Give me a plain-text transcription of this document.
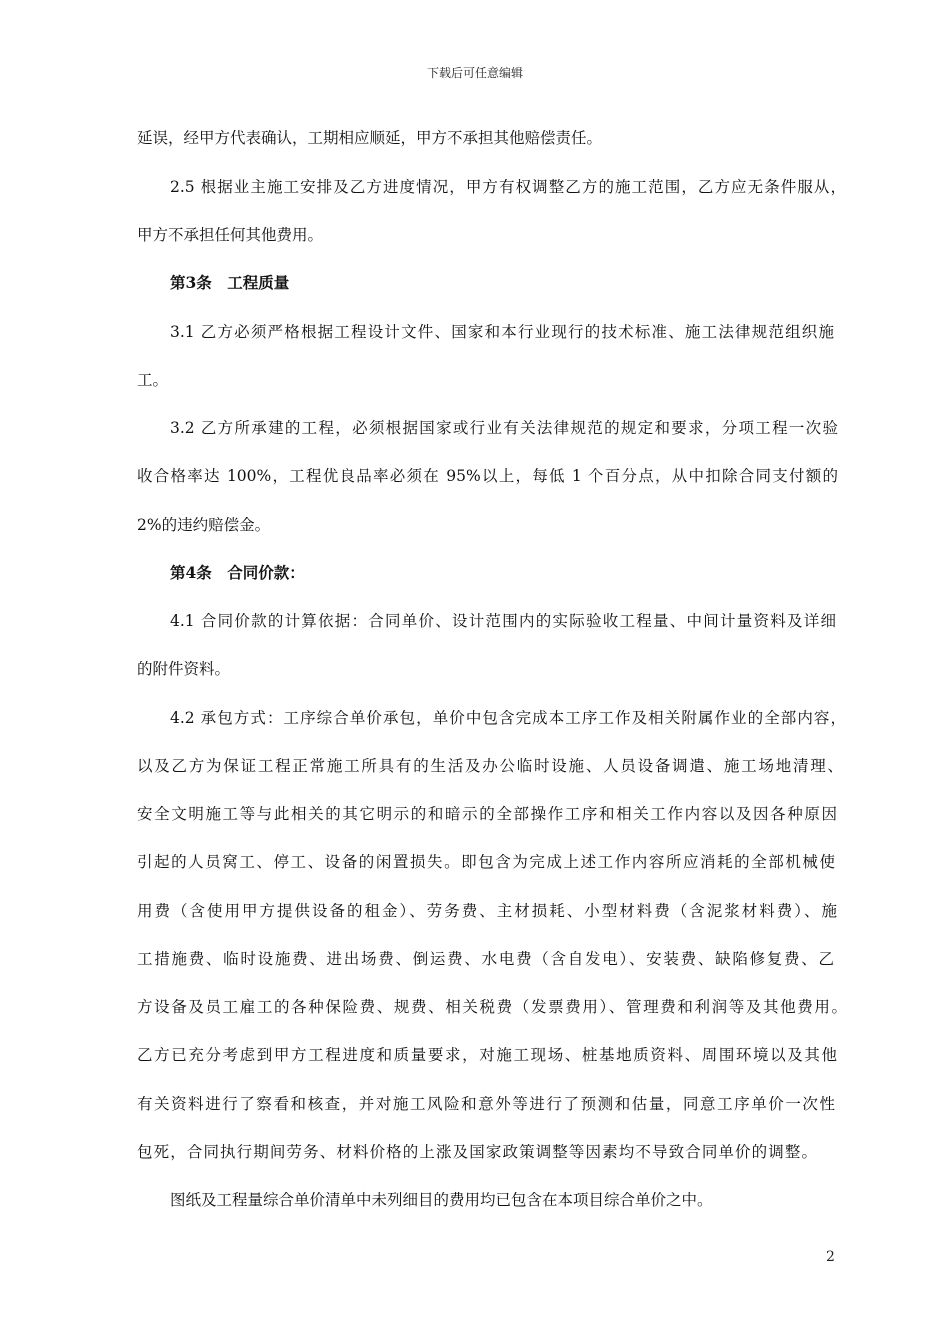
下载后可任意编辑
延误，经甲方代表确认，工期相应顺延，甲方不承担其他赔偿责任。
2.5 根据业主施工安排及乙方进度情况，甲方有权调整乙方的施工范围，乙方应无条件服从，
甲方不承担任何其他费用。
第3条　工程质量
3.1 乙方必须严格根据工程设计文件、国家和本行业现行的技术标准、施工法律规范组织施
工。
3.2 乙方所承建的工程，必须根据国家或行业有关法律规范的规定和要求，分项工程一次验
收合格率达 100%，工程优良品率必须在 95%以上，每低 1 个百分点，从中扣除合同支付额的
2%的违约赔偿金。
第4条　合同价款：
4.1 合同价款的计算依据：合同单价、设计范围内的实际验收工程量、中间计量资料及详细
的附件资料。
4.2 承包方式：工序综合单价承包，单价中包含完成本工序工作及相关附属作业的全部内容，
以及乙方为保证工程正常施工所具有的生活及办公临时设施、人员设备调遣、施工场地清理、
安全文明施工等与此相关的其它明示的和暗示的全部操作工序和相关工作内容以及因各种原因
引起的人员窝工、停工、设备的闲置损失。即包含为完成上述工作内容所应消耗的全部机械使
用费（含使用甲方提供设备的租金）、劳务费、主材损耗、小型材料费（含泥浆材料费）、施
工措施费、临时设施费、进出场费、倒运费、水电费（含自发电）、安装费、缺陷修复费、乙
方设备及员工雇工的各种保险费、规费、相关税费（发票费用）、管理费和利润等及其他费用。
乙方已充分考虑到甲方工程进度和质量要求，对施工现场、桩基地质资料、周围环境以及其他
有关资料进行了察看和核查，并对施工风险和意外等进行了预测和估量，同意工序单价一次性
包死，合同执行期间劳务、材料价格的上涨及国家政策调整等因素均不导致合同单价的调整。
图纸及工程量综合单价清单中未列细目的费用均已包含在本项目综合单价之中。
2
